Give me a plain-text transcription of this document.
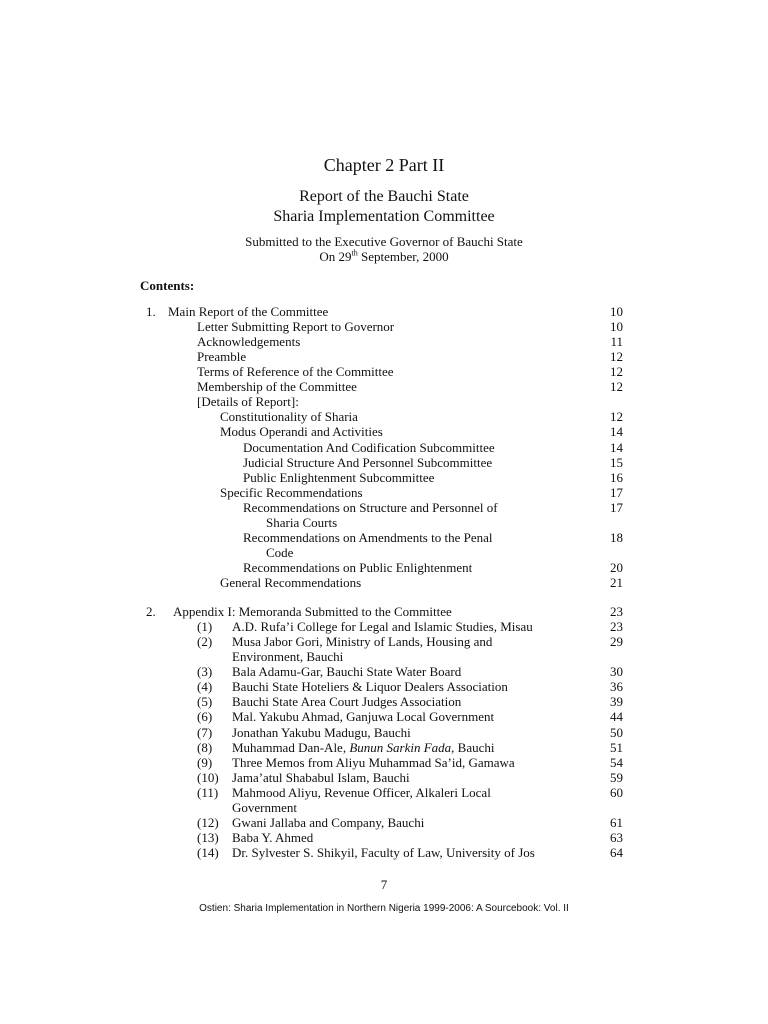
Chapter 2 Part II
Report of the Bauchi State
Sharia Implementation Committee
Submitted to the Executive Governor of Bauchi State
On 29th September, 2000
Contents:
1. Main Report of the Committee	10
Letter Submitting Report to Governor	10
Acknowledgements	11
Preamble	12
Terms of Reference of the Committee	12
Membership of the Committee	12
[Details of Report]:
Constitutionality of Sharia	12
Modus Operandi and Activities	14
Documentation And Codification Subcommittee	14
Judicial Structure And Personnel Subcommittee	15
Public Enlightenment Subcommittee	16
Specific Recommendations	17
Recommendations on Structure and Personnel of	17
Sharia Courts
Recommendations on Amendments to the Penal	18
Code
Recommendations on Public Enlightenment	20
General Recommendations	21
2. Appendix I: Memoranda Submitted to the Committee	23
(1) A.D. Rufa’i College for Legal and Islamic Studies, Misau	23
(2) Musa Jabor Gori, Ministry of Lands, Housing and	29
Environment, Bauchi
(3) Bala Adamu-Gar, Bauchi State Water Board	30
(4) Bauchi State Hoteliers & Liquor Dealers Association	36
(5) Bauchi State Area Court Judges Association	39
(6) Mal. Yakubu Ahmad, Ganjuwa Local Government	44
(7) Jonathan Yakubu Madugu, Bauchi	50
(8) Muhammad Dan-Ale, Bunun Sarkin Fada, Bauchi	51
(9) Three Memos from Aliyu Muhammad Sa’id, Gamawa	54
(10) Jama’atul Shababul Islam, Bauchi	59
(11) Mahmood Aliyu, Revenue Officer, Alkaleri Local	60
Government
(12) Gwani Jallaba and Company, Bauchi	61
(13) Baba Y. Ahmed	63
(14) Dr. Sylvester S. Shikyil, Faculty of Law, University of Jos	64
7
Ostien: Sharia Implementation in Northern Nigeria 1999-2006: A Sourcebook: Vol. II
